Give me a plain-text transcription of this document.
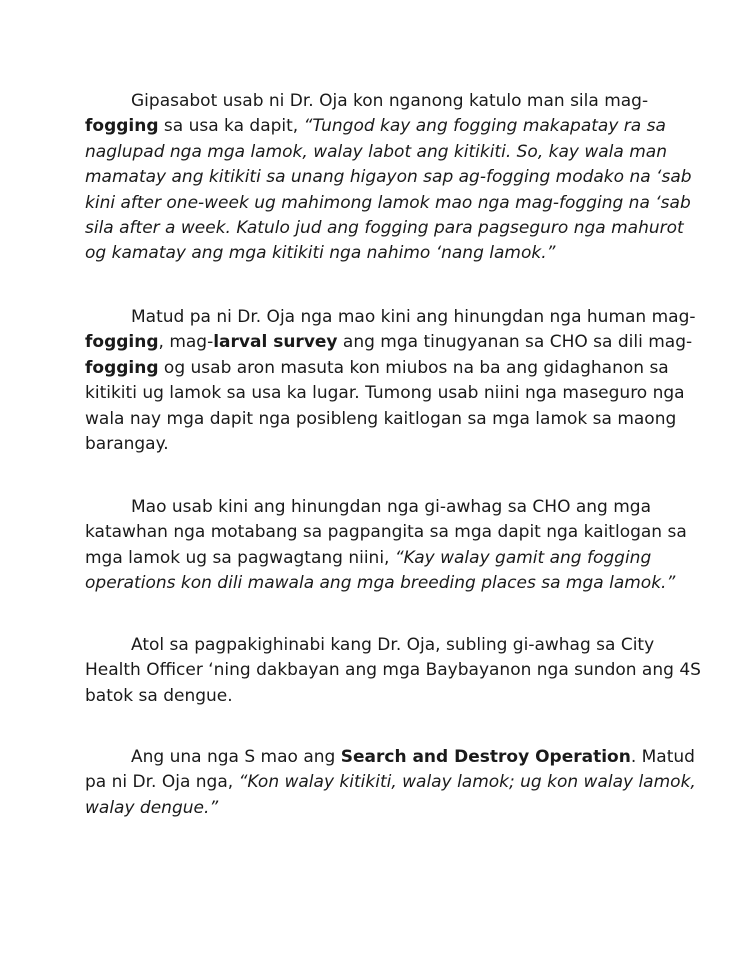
Gipasabot usab ni Dr. Oja kon nganong katulo man sila mag-
fogging sa usa ka dapit, “Tungod kay ang fogging makapatay ra sa
naglupad nga mga lamok, walay labot ang kitikiti. So, kay wala man
mamatay ang kitikiti sa unang higayon sap ag-fogging modako na ‘sab
kini after one-week ug mahimong lamok mao nga mag-fogging na ‘sab
sila after a week. Katulo jud ang fogging para pagseguro nga mahurot
og kamatay ang mga kitikiti nga nahimo ‘nang lamok.”

Matud pa ni Dr. Oja nga mao kini ang hinungdan nga human mag-
fogging, mag-larval survey ang mga tinugyanan sa CHO sa dili mag-
fogging og usab aron masuta kon miubos na ba ang gidaghanon sa
kitikiti ug lamok sa usa ka lugar. Tumong usab niini nga maseguro nga
wala nay mga dapit nga posibleng kaitlogan sa mga lamok sa maong
barangay.

Mao usab kini ang hinungdan nga gi-awhag sa CHO ang mga
katawhan nga motabang sa pagpangita sa mga dapit nga kaitlogan sa
mga lamok ug sa pagwagtang niini, “Kay walay gamit ang fogging
operations kon dili mawala ang mga breeding places sa mga lamok.”

Atol sa pagpakighinabi kang Dr. Oja, subling gi-awhag sa City
Health Officer ‘ning dakbayan ang mga Baybayanon nga sundon ang 4S
batok sa dengue.

Ang una nga S mao ang Search and Destroy Operation. Matud
pa ni Dr. Oja nga, “Kon walay kitikiti, walay lamok; ug kon walay lamok,
walay dengue.”
